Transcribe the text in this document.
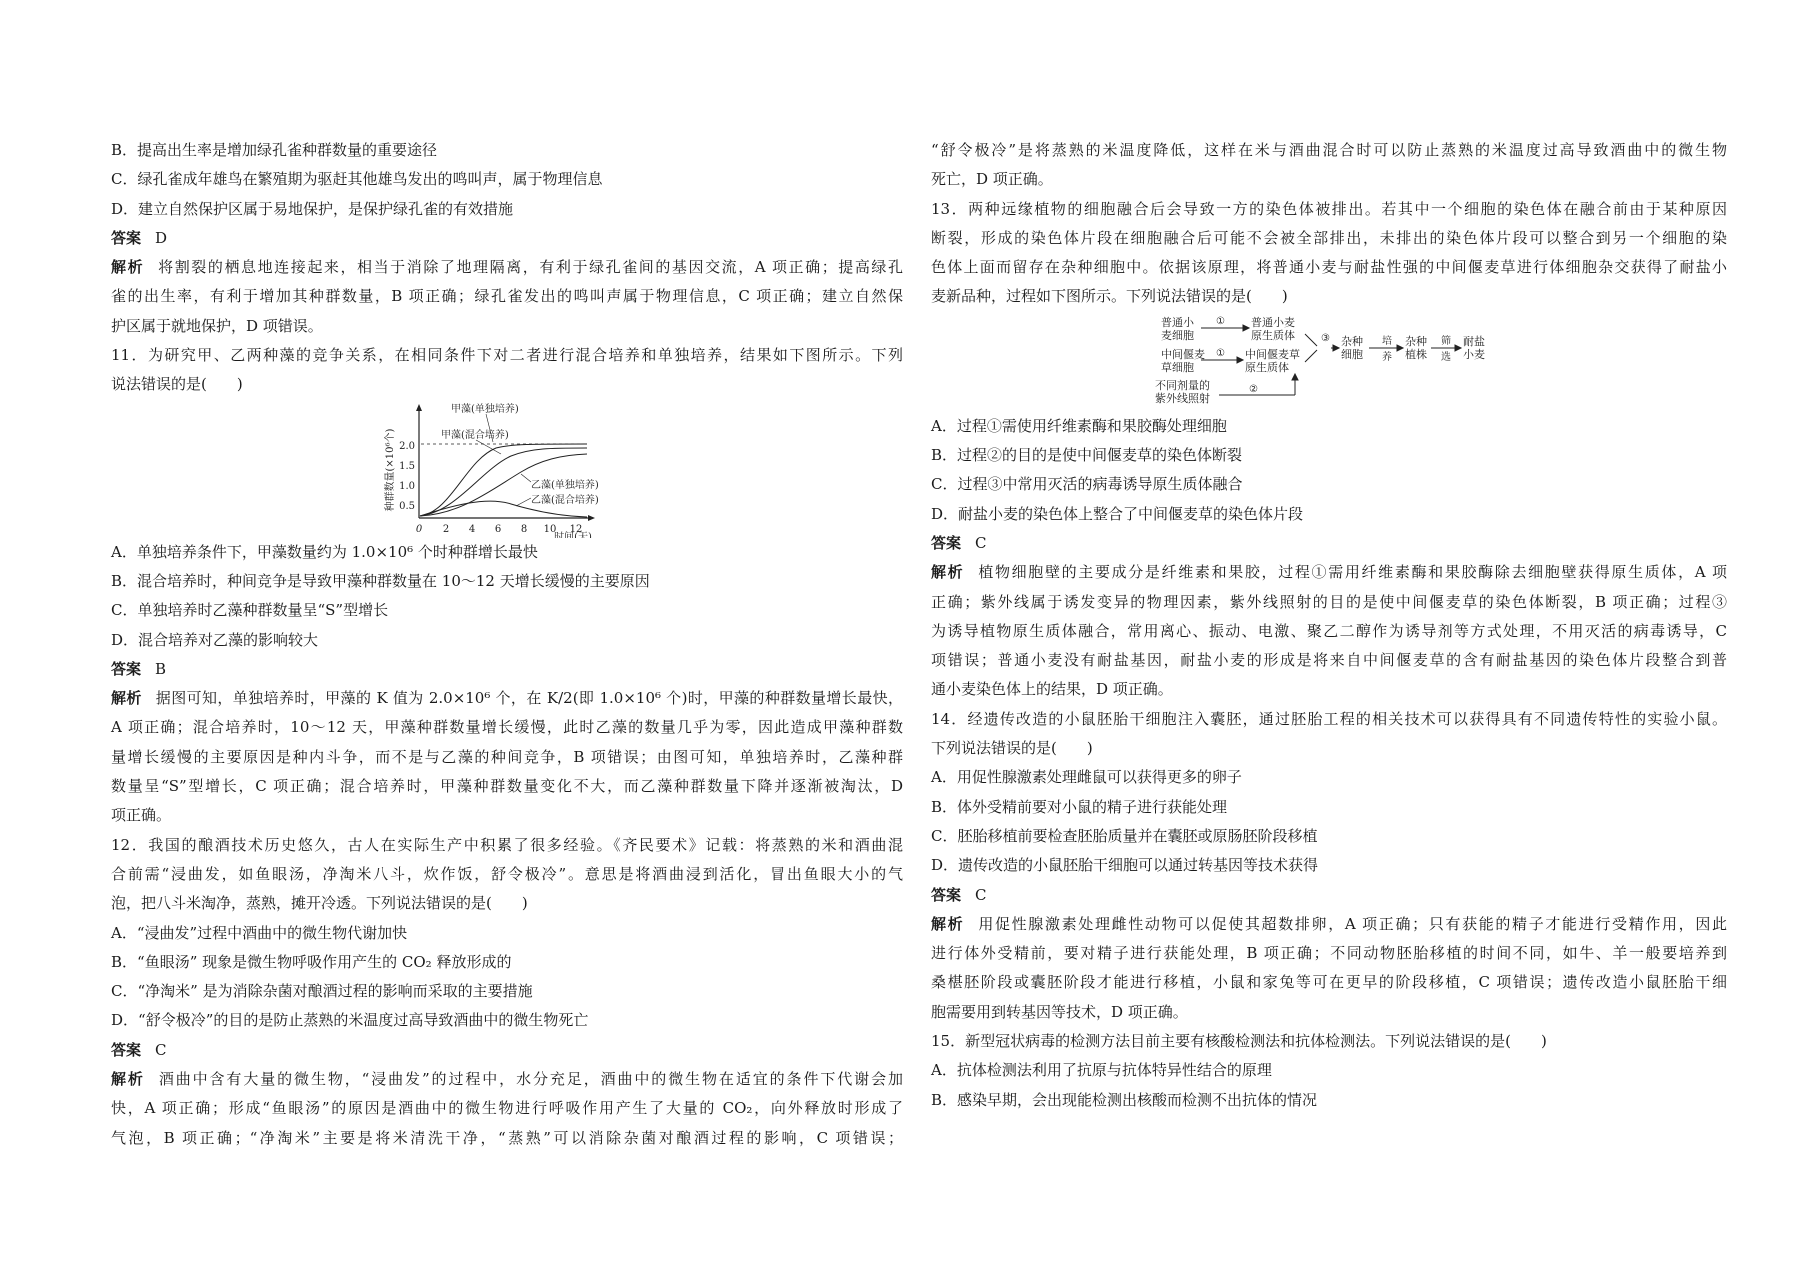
B．提高出生率是增加绿孔雀种群数量的重要途径
C．绿孔雀成年雄鸟在繁殖期为驱赶其他雄鸟发出的鸣叫声，属于物理信息
D．建立自然保护区属于易地保护，是保护绿孔雀的有效措施
答案 D
解析 将割裂的栖息地连接起来，相当于消除了地理隔离，有利于绿孔雀间的基因交流，A 项正确；提高绿孔
雀的出生率，有利于增加其种群数量，B 项正确；绿孔雀发出的鸣叫声属于物理信息，C 项正确；建立自然保
护区属于就地保护，D 项错误。
11．为研究甲、乙两种藻的竞争关系，在相同条件下对二者进行混合培养和单独培养，结果如下图所示。下列
说法错误的是(　　)
0.5
1.0
1.5
2.0
种群数量(×10⁶个)
0 2 4 6 8 10 12
时间(天)
甲藻(单独培养)
甲藻(混合培养)
乙藻(单独培养)
乙藻(混合培养)
A．单独培养条件下，甲藻数量约为 1.0×10⁶ 个时种群增长最快
B．混合培养时，种间竞争是导致甲藻种群数量在 10～12 天增长缓慢的主要原因
C．单独培养时乙藻种群数量呈“S”型增长
D．混合培养对乙藻的影响较大
答案 B
解析 据图可知，单独培养时，甲藻的 K 值为 2.0×10⁶ 个，在 K/2(即 1.0×10⁶ 个)时，甲藻的种群数量增长最快，
A 项正确；混合培养时，10～12 天，甲藻种群数量增长缓慢，此时乙藻的数量几乎为零，因此造成甲藻种群数
量增长缓慢的主要原因是种内斗争，而不是与乙藻的种间竞争，B 项错误；由图可知，单独培养时，乙藻种群
数量呈“S”型增长，C 项正确；混合培养时，甲藻种群数量变化不大，而乙藻种群数量下降并逐渐被淘汰，D
项正确。
12．我国的酿酒技术历史悠久，古人在实际生产中积累了很多经验。《齐民要术》记载：将蒸熟的米和酒曲混
合前需“浸曲发，如鱼眼汤，净淘米八斗，炊作饭，舒令极冷”。意思是将酒曲浸到活化，冒出鱼眼大小的气
泡，把八斗米淘净，蒸熟，摊开冷透。下列说法错误的是(　　)
A．“浸曲发”过程中酒曲中的微生物代谢加快
B．“鱼眼汤” 现象是微生物呼吸作用产生的 CO₂ 释放形成的
C．“净淘米” 是为消除杂菌对酿酒过程的影响而采取的主要措施
D．“舒令极冷”的目的是防止蒸熟的米温度过高导致酒曲中的微生物死亡
答案 C
解析 酒曲中含有大量的微生物，“浸曲发”的过程中，水分充足，酒曲中的微生物在适宜的条件下代谢会加
快，A 项正确；形成“鱼眼汤”的原因是酒曲中的微生物进行呼吸作用产生了大量的 CO₂，向外释放时形成了
气泡，B 项正确；“净淘米”主要是将米清洗干净，“蒸熟”可以消除杂菌对酿酒过程的影响，C 项错误；
“舒令极冷”是将蒸熟的米温度降低，这样在米与酒曲混合时可以防止蒸熟的米温度过高导致酒曲中的微生物
死亡，D 项正确。
13．两种远缘植物的细胞融合后会导致一方的染色体被排出。若其中一个细胞的染色体在融合前由于某种原因
断裂，形成的染色体片段在细胞融合后可能不会被全部排出，未排出的染色体片段可以整合到另一个细胞的染
色体上面而留存在杂种细胞中。依据该原理，将普通小麦与耐盐性强的中间偃麦草进行体细胞杂交获得了耐盐小
麦新品种，过程如下图所示。下列说法错误的是(　　)
普通小
麦细胞
中间偃麦
草细胞
不同剂量的
紫外线照射
普通小麦
原生质体
中间偃麦草
原生质体
杂种
细胞
杂种
植株
耐盐
小麦
①
①
②
③	培
养
筛
选
A．过程①需使用纤维素酶和果胶酶处理细胞
B．过程②的目的是使中间偃麦草的染色体断裂
C．过程③中常用灭活的病毒诱导原生质体融合
D．耐盐小麦的染色体上整合了中间偃麦草的染色体片段
答案 C
解析 植物细胞壁的主要成分是纤维素和果胶，过程①需用纤维素酶和果胶酶除去细胞壁获得原生质体，A 项
正确；紫外线属于诱发变异的物理因素，紫外线照射的目的是使中间偃麦草的染色体断裂，B 项正确；过程③
为诱导植物原生质体融合，常用离心、振动、电激、聚乙二醇作为诱导剂等方式处理，不用灭活的病毒诱导，C
项错误；普通小麦没有耐盐基因，耐盐小麦的形成是将来自中间偃麦草的含有耐盐基因的染色体片段整合到普
通小麦染色体上的结果，D 项正确。
14．经遗传改造的小鼠胚胎干细胞注入囊胚，通过胚胎工程的相关技术可以获得具有不同遗传特性的实验小鼠。
下列说法错误的是(　　)
A．用促性腺激素处理雌鼠可以获得更多的卵子
B．体外受精前要对小鼠的精子进行获能处理
C．胚胎移植前要检查胚胎质量并在囊胚或原肠胚阶段移植
D．遗传改造的小鼠胚胎干细胞可以通过转基因等技术获得
答案 C
解析 用促性腺激素处理雌性动物可以促使其超数排卵，A 项正确；只有获能的精子才能进行受精作用，因此
进行体外受精前，要对精子进行获能处理，B 项正确；不同动物胚胎移植的时间不同，如牛、羊一般要培养到
桑椹胚阶段或囊胚阶段才能进行移植，小鼠和家兔等可在更早的阶段移植，C 项错误；遗传改造小鼠胚胎干细
胞需要用到转基因等技术，D 项正确。
15．新型冠状病毒的检测方法目前主要有核酸检测法和抗体检测法。下列说法错误的是(　　)
A．抗体检测法利用了抗原与抗体特异性结合的原理
B．感染早期，会出现能检测出核酸而检测不出抗体的情况
